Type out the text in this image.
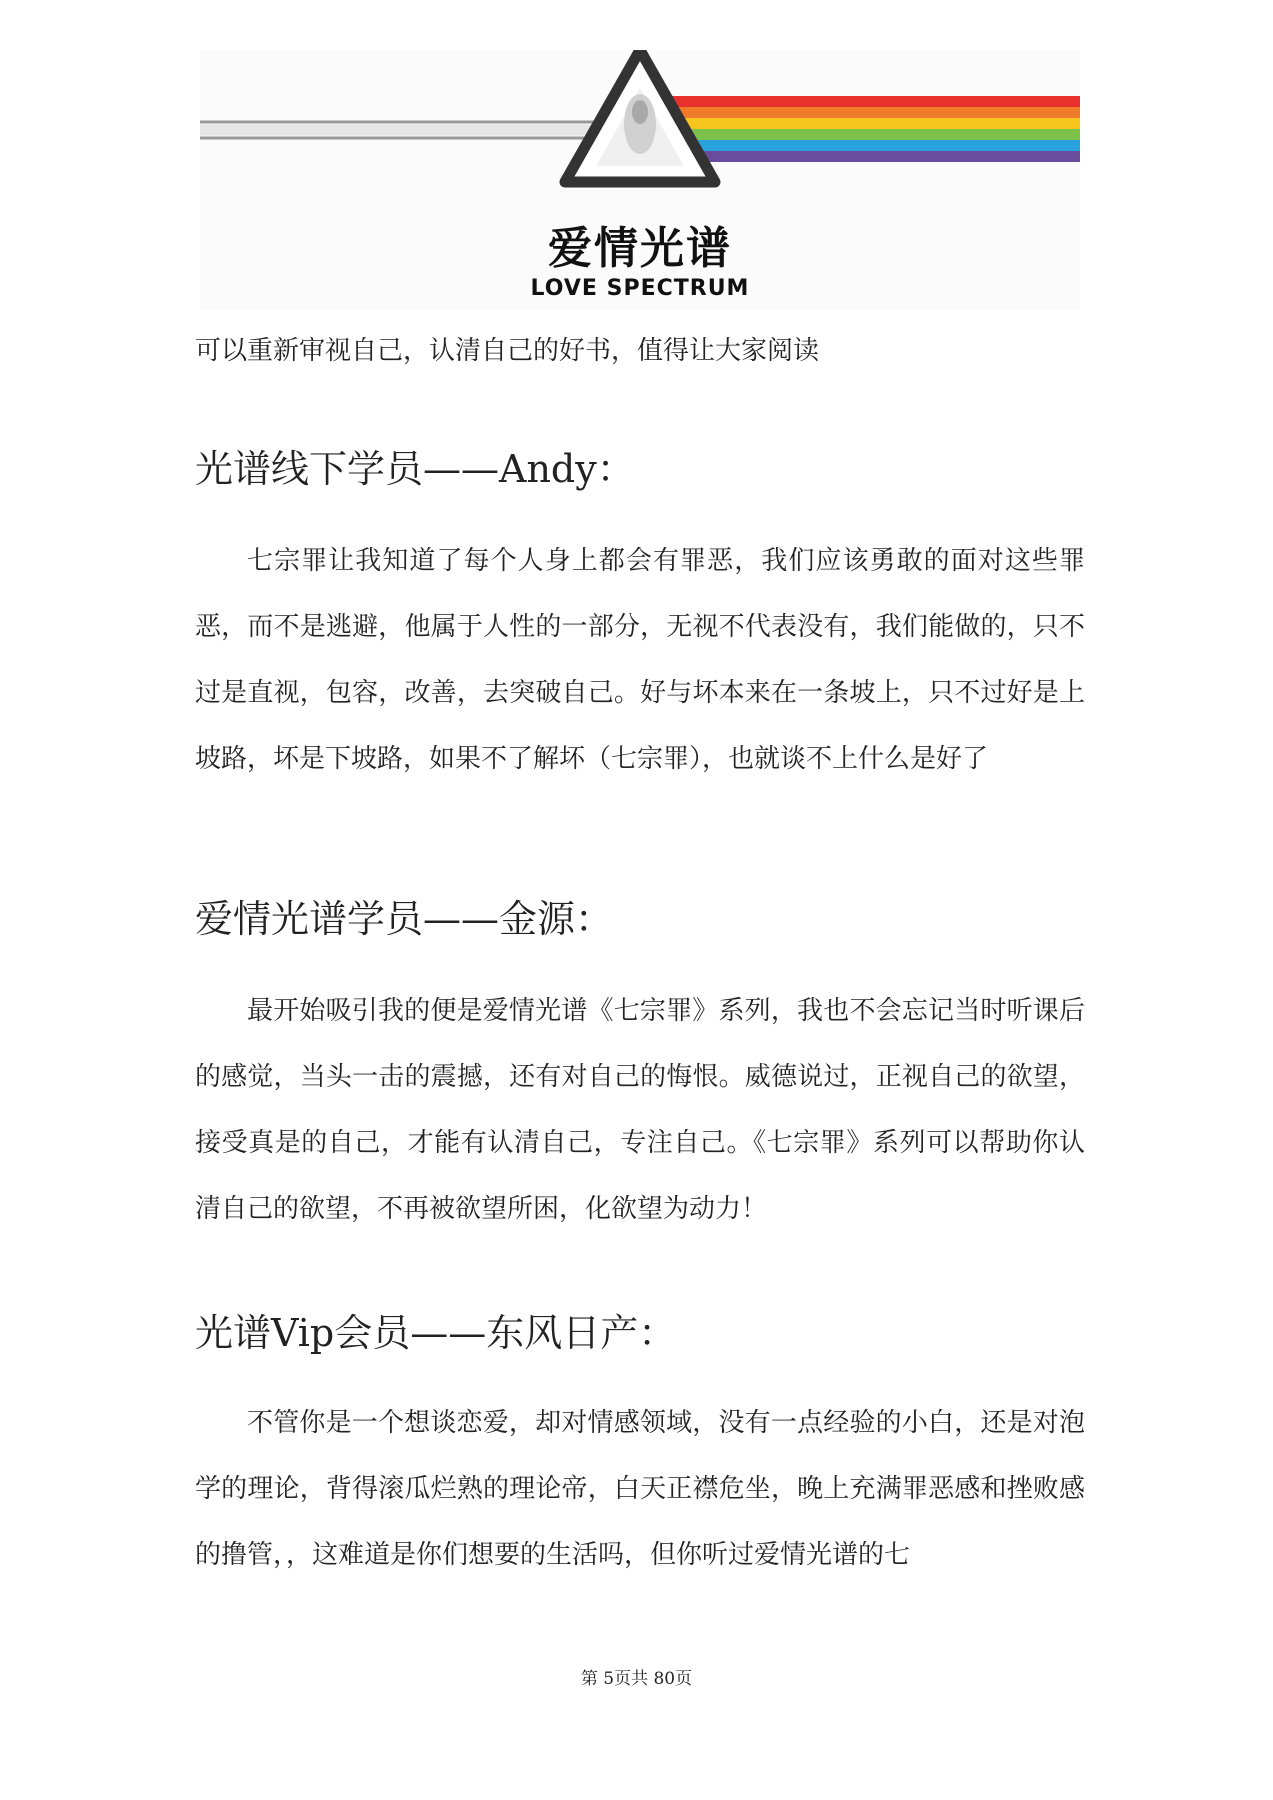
爱情光谱
LOVE SPECTRUM

可以重新审视自己，认清自己的好书，值得让大家阅读

光谱线下学员——Andy：

七宗罪让我知道了每个人身上都会有罪恶，我们应该勇敢的面对这些罪恶，而不是逃避，他属于人性的一部分，无视不代表没有，我们能做的，只不过是直视，包容，改善，去突破自己。好与坏本来在一条坡上，只不过好是上坡路，坏是下坡路，如果不了解坏（七宗罪），也就谈不上什么是好了

爱情光谱学员——金源：

最开始吸引我的便是爱情光谱《七宗罪》系列，我也不会忘记当时听课后的感觉，当头一击的震撼，还有对自己的悔恨。威德说过，正视自己的欲望，接受真是的自己，才能有认清自己，专注自己。《七宗罪》系列可以帮助你认清自己的欲望，不再被欲望所困，化欲望为动力！

光谱Vip会员——东风日产：

不管你是一个想谈恋爱，却对情感领域，没有一点经验的小白，还是对泡学的理论，背得滚瓜烂熟的理论帝，白天正襟危坐，晚上充满罪恶感和挫败感的撸管，，这难道是你们想要的生活吗，但你听过爱情光谱的七

第 5页共 80页
